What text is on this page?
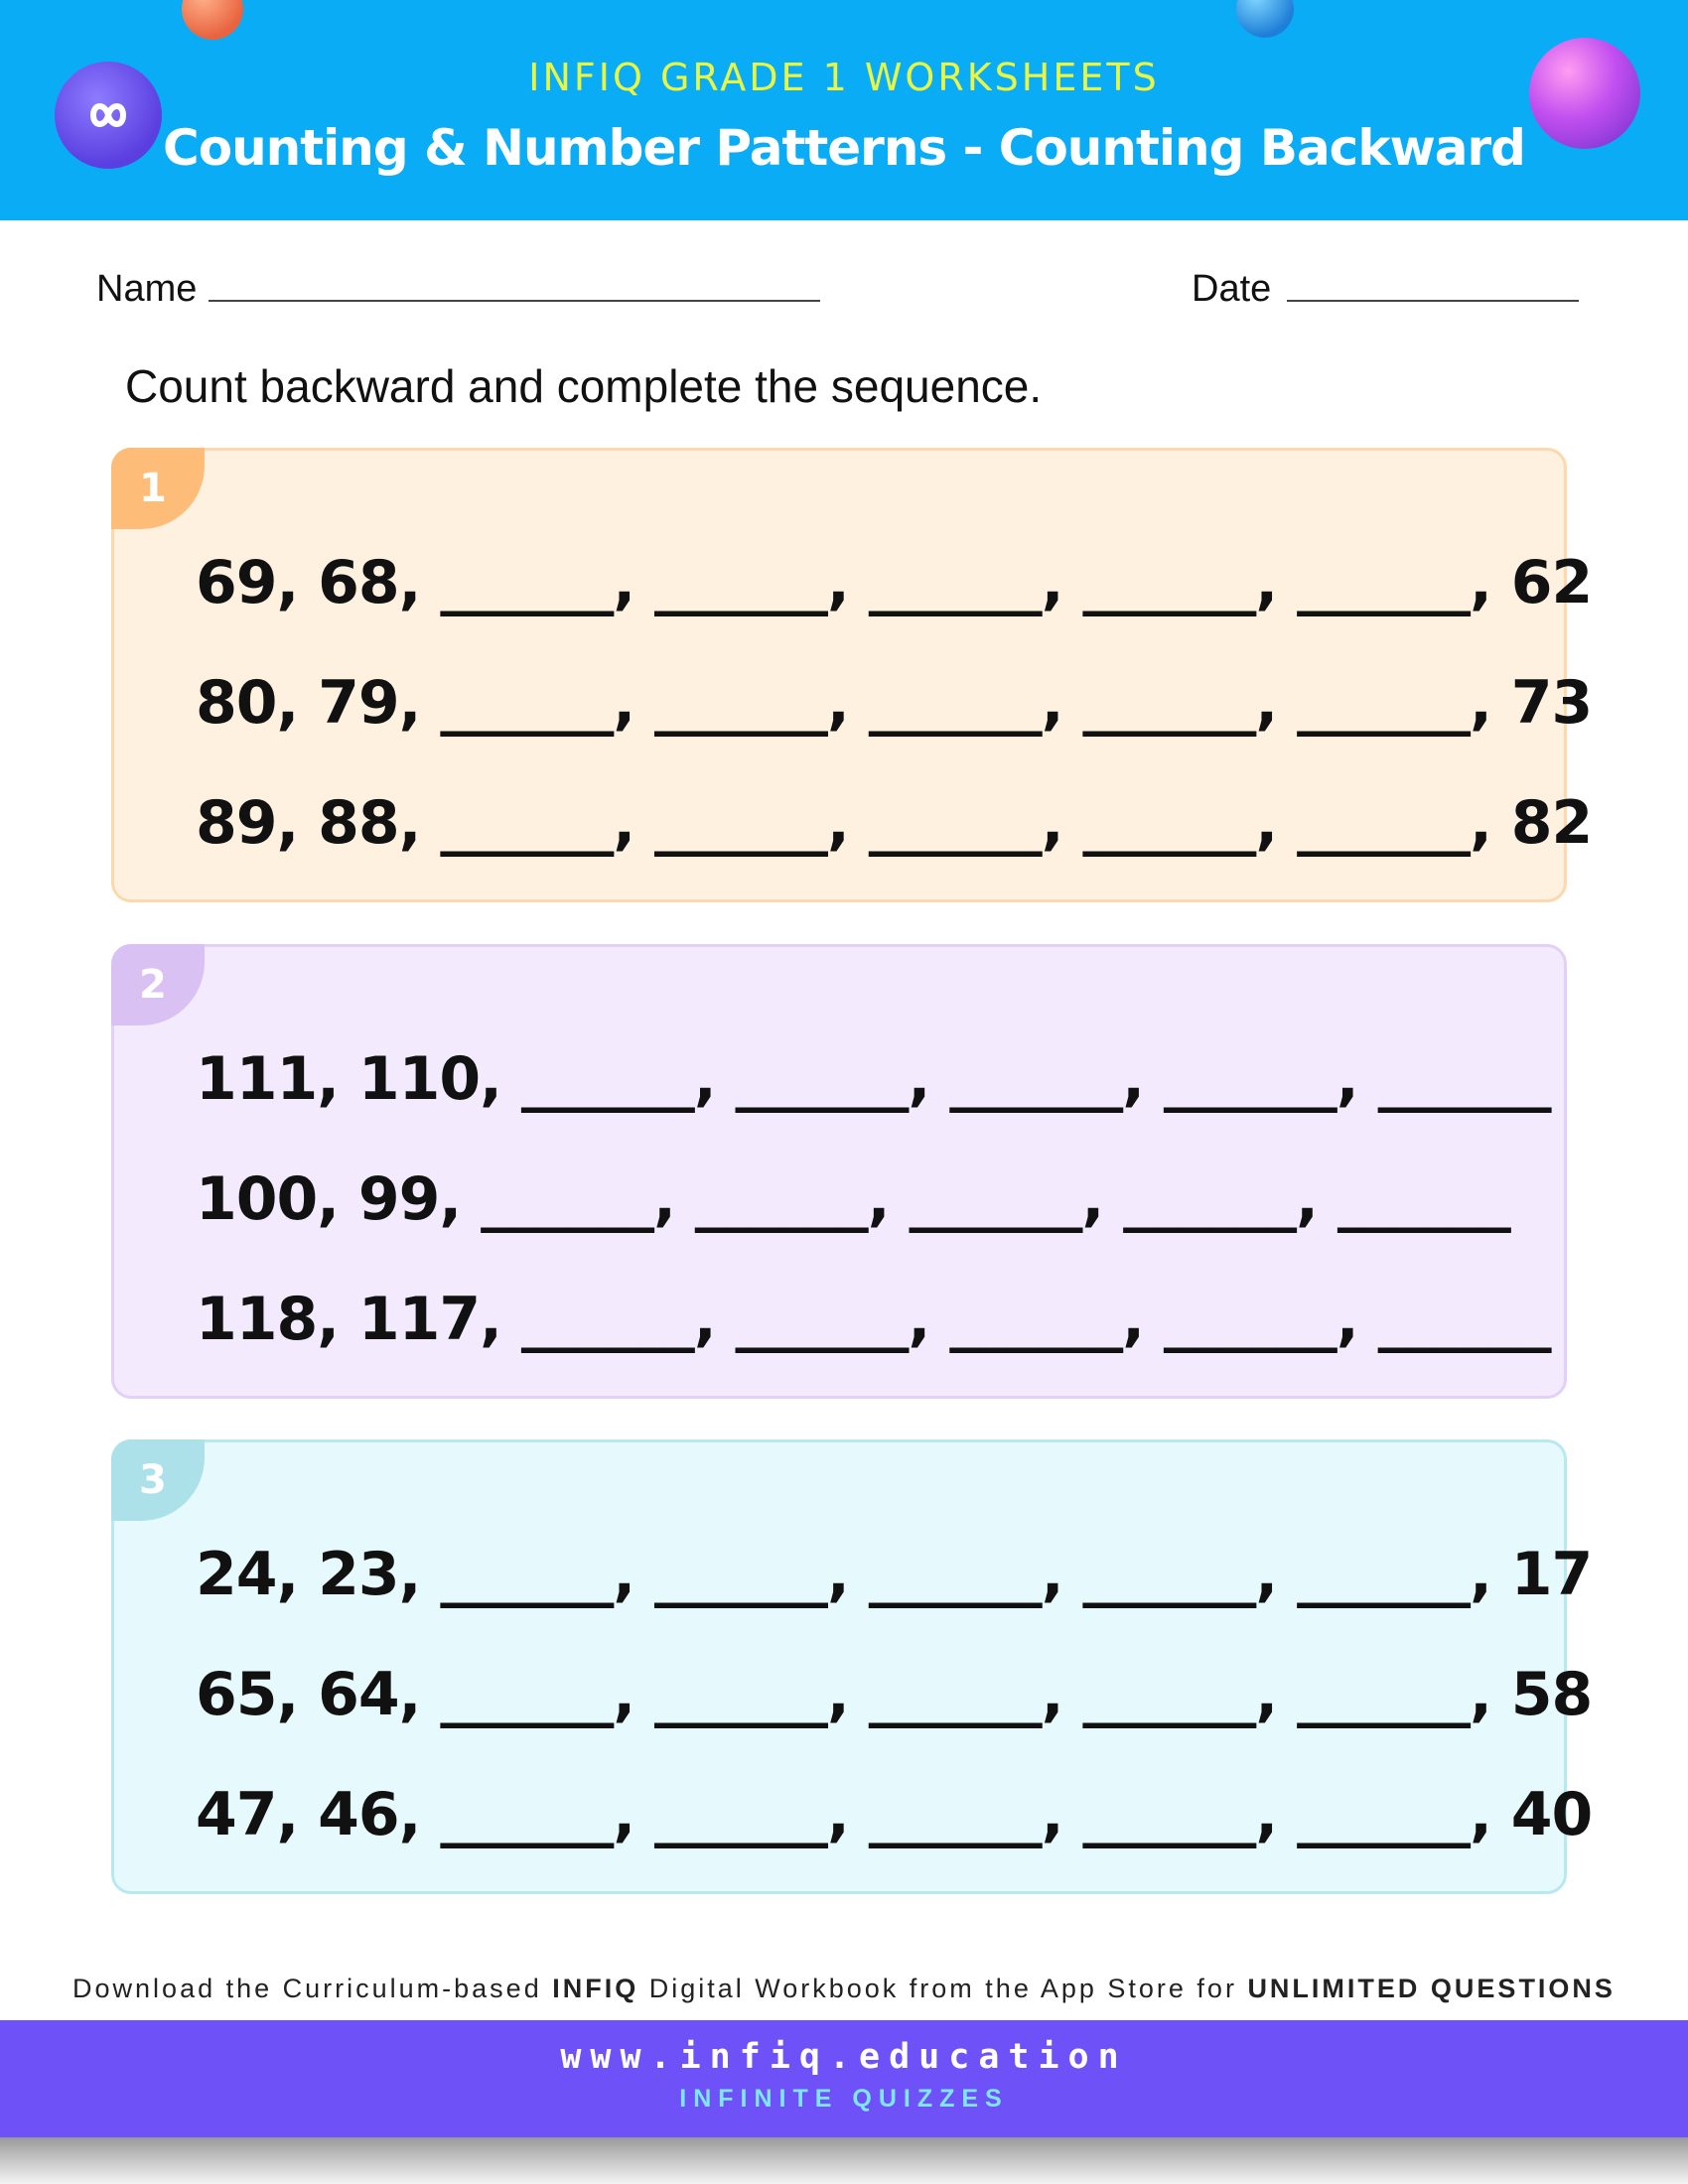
INFIQ GRADE 1 WORKSHEETS
Counting & Number Patterns - Counting Backward
Name	Date
Count backward and complete the sequence.
1
69, 68, ______, ______, ______, ______, ______, 62
80, 79, ______, ______, ______, ______, ______, 73
89, 88, ______, ______, ______, ______, ______, 82
2
111, 110, ______, ______, ______, ______, ______
100, 99, ______, ______, ______, ______, ______
118, 117, ______, ______, ______, ______, ______
3
24, 23, ______, ______, ______, ______, ______, 17
65, 64, ______, ______, ______, ______, ______, 58
47, 46, ______, ______, ______, ______, ______, 40
Download the Curriculum-based INFIQ Digital Workbook from the App Store for UNLIMITED QUESTIONS
www.infiq.education
INFINITE QUIZZES
